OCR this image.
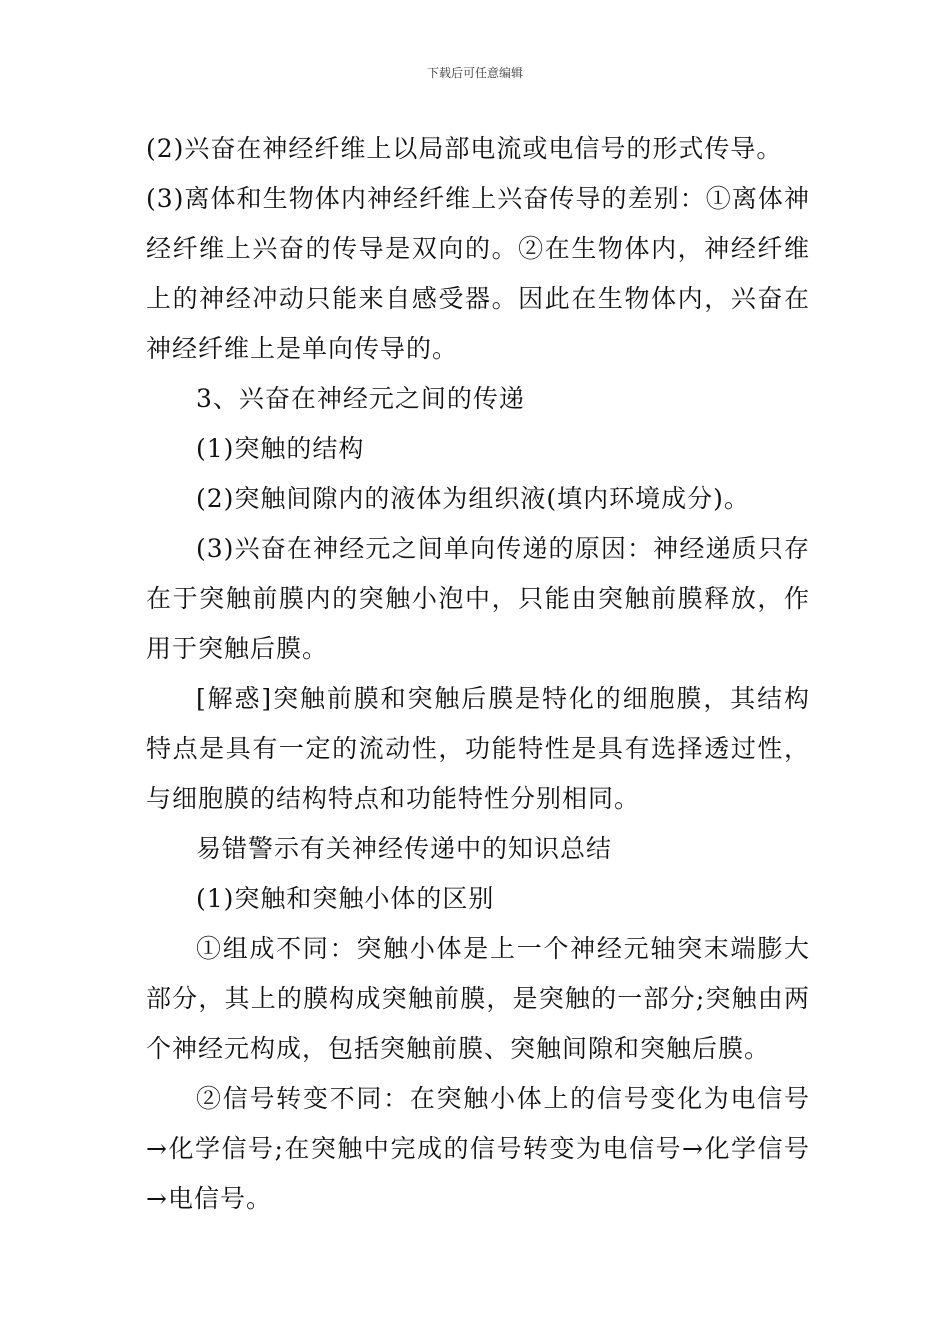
下载后可任意编辑

(2)兴奋在神经纤维上以局部电流或电信号的形式传导。

(3)离体和生物体内神经纤维上兴奋传导的差别：①离体神经纤维上兴奋的传导是双向的。②在生物体内，神经纤维上的神经冲动只能来自感受器。因此在生物体内，兴奋在神经纤维上是单向传导的。

3、兴奋在神经元之间的传递

(1)突触的结构

(2)突触间隙内的液体为组织液(填内环境成分)。

(3)兴奋在神经元之间单向传递的原因：神经递质只存在于突触前膜内的突触小泡中，只能由突触前膜释放，作用于突触后膜。

[解惑]突触前膜和突触后膜是特化的细胞膜，其结构特点是具有一定的流动性，功能特性是具有选择透过性，与细胞膜的结构特点和功能特性分别相同。

易错警示有关神经传递中的知识总结

(1)突触和突触小体的区别

①组成不同：突触小体是上一个神经元轴突末端膨大部分，其上的膜构成突触前膜，是突触的一部分;突触由两个神经元构成，包括突触前膜、突触间隙和突触后膜。

②信号转变不同：在突触小体上的信号变化为电信号→化学信号;在突触中完成的信号转变为电信号→化学信号→电信号。
